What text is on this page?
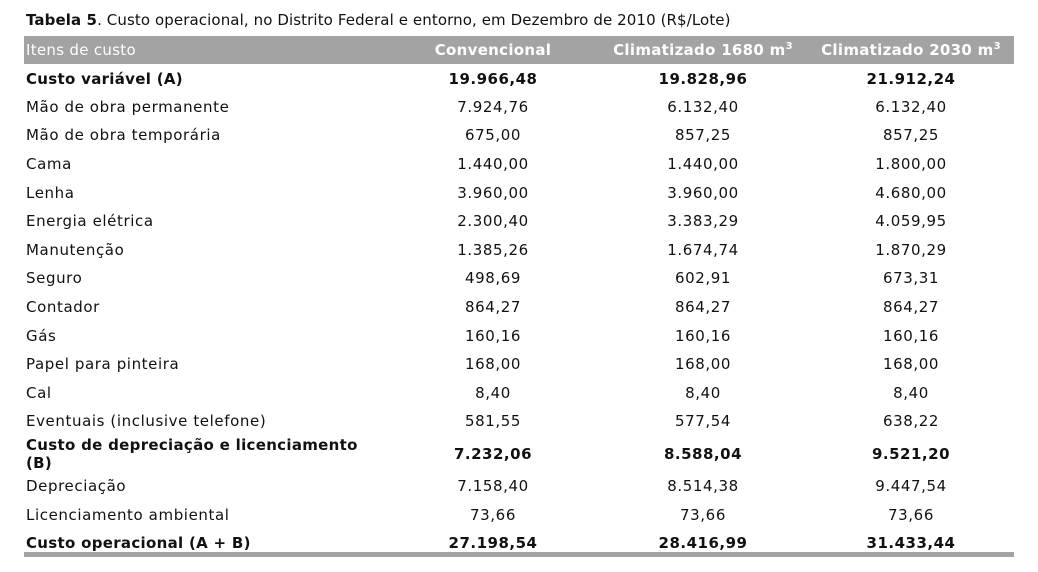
Tabela 5. Custo operacional, no Distrito Federal e entorno, em Dezembro de 2010 (R$/Lote)
Itens de custo	Convencional	Climatizado 1680 $m^3$	Climatizado 2030 $m^3$
Custo variável (A)	19.966,48	19.828,96	21.912,24
Mão de obra permanente	7.924,76	6.132,40	6.132,40
Mão de obra temporária	675,00	857,25	857,25
Cama	1.440,00	1.440,00	1.800,00
Lenha	3.960,00	3.960,00	4.680,00
Energia elétrica	2.300,40	3.383,29	4.059,95
Manutenção	1.385,26	1.674,74	1.870,29
Seguro	498,69	602,91	673,31
Contador	864,27	864,27	864,27
Gás	160,16	160,16	160,16
Papel para pinteira	168,00	168,00	168,00
Cal	8,40	8,40	8,40
Eventuais (inclusive telefone)	581,55	577,54	638,22
Custo de depreciação e licenciamento (B)	7.232,06	8.588,04	9.521,20
Depreciação	7.158,40	8.514,38	9.447,54
Licenciamento ambiental	73,66	73,66	73,66
Custo operacional (A + B)	27.198,54	28.416,99	31.433,44
